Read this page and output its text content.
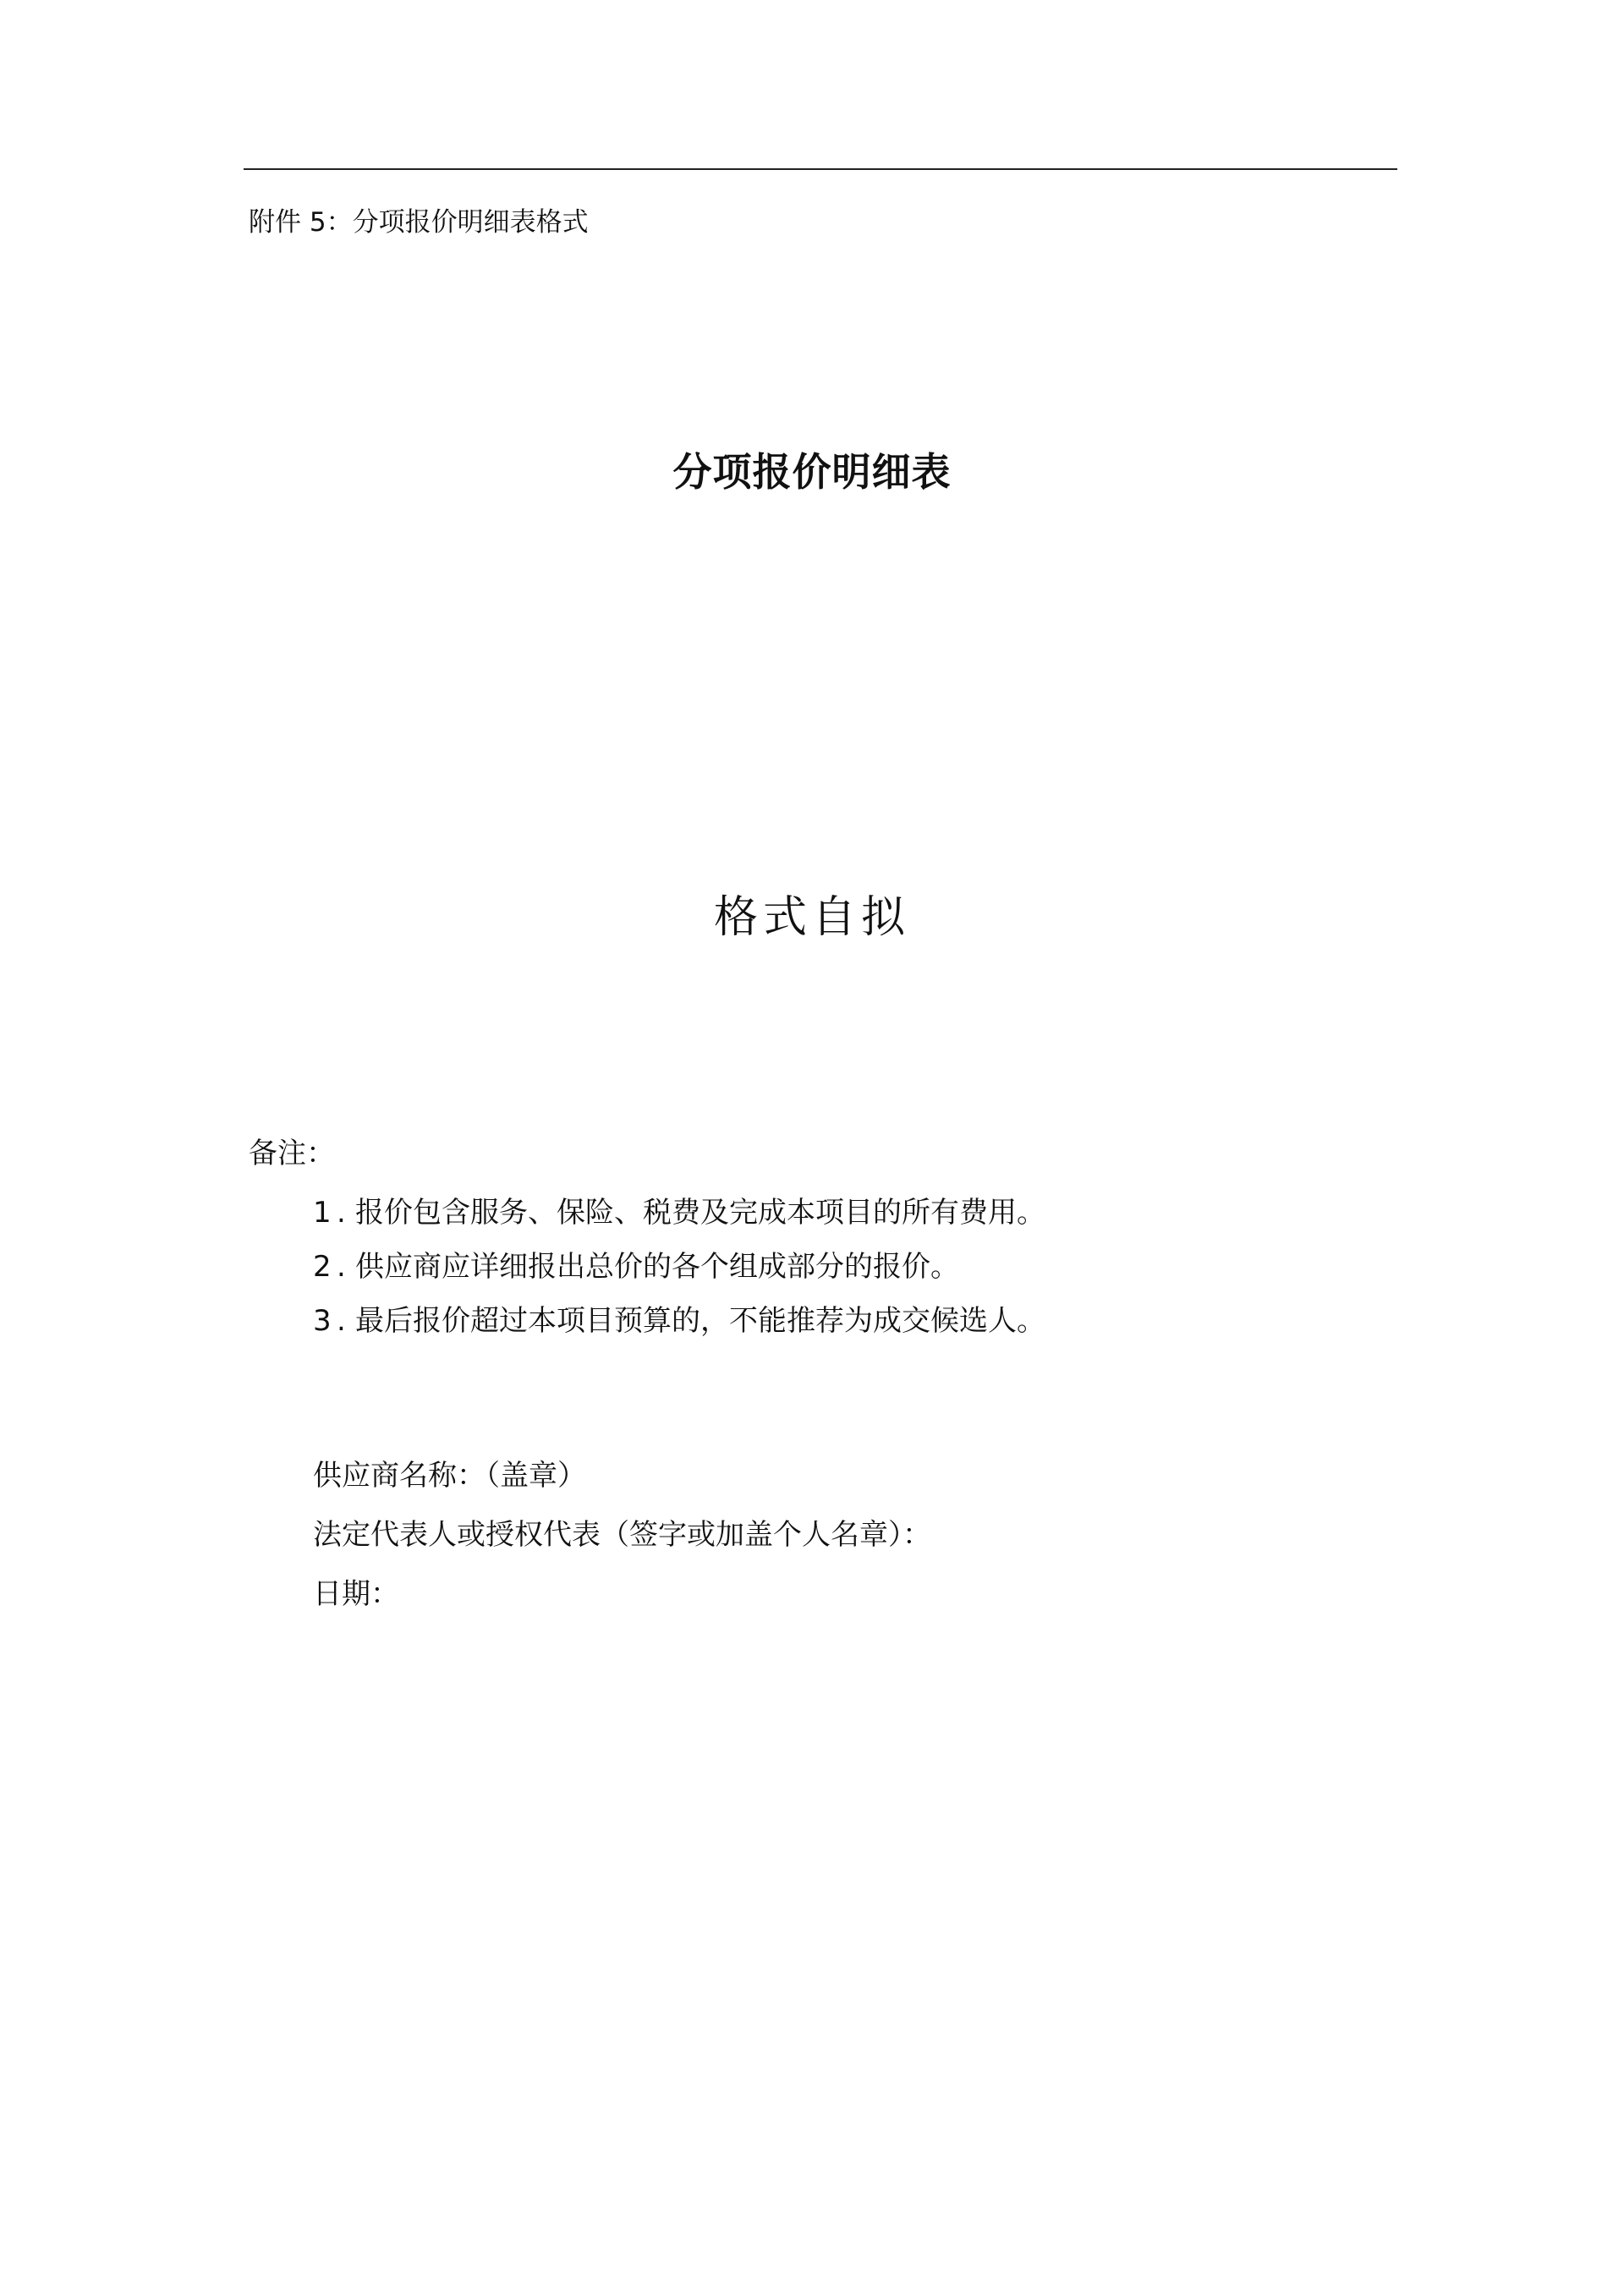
附件 5：分项报价明细表格式
分项报价明细表
格式自拟
备注：
1 . 报价包含服务、保险、税费及完成本项目的所有费用。
2 . 供应商应详细报出总价的各个组成部分的报价。
3 . 最后报价超过本项目预算的，不能推荐为成交候选人。
供应商名称：（盖章）
法定代表人或授权代表（签字或加盖个人名章）：
日期：
